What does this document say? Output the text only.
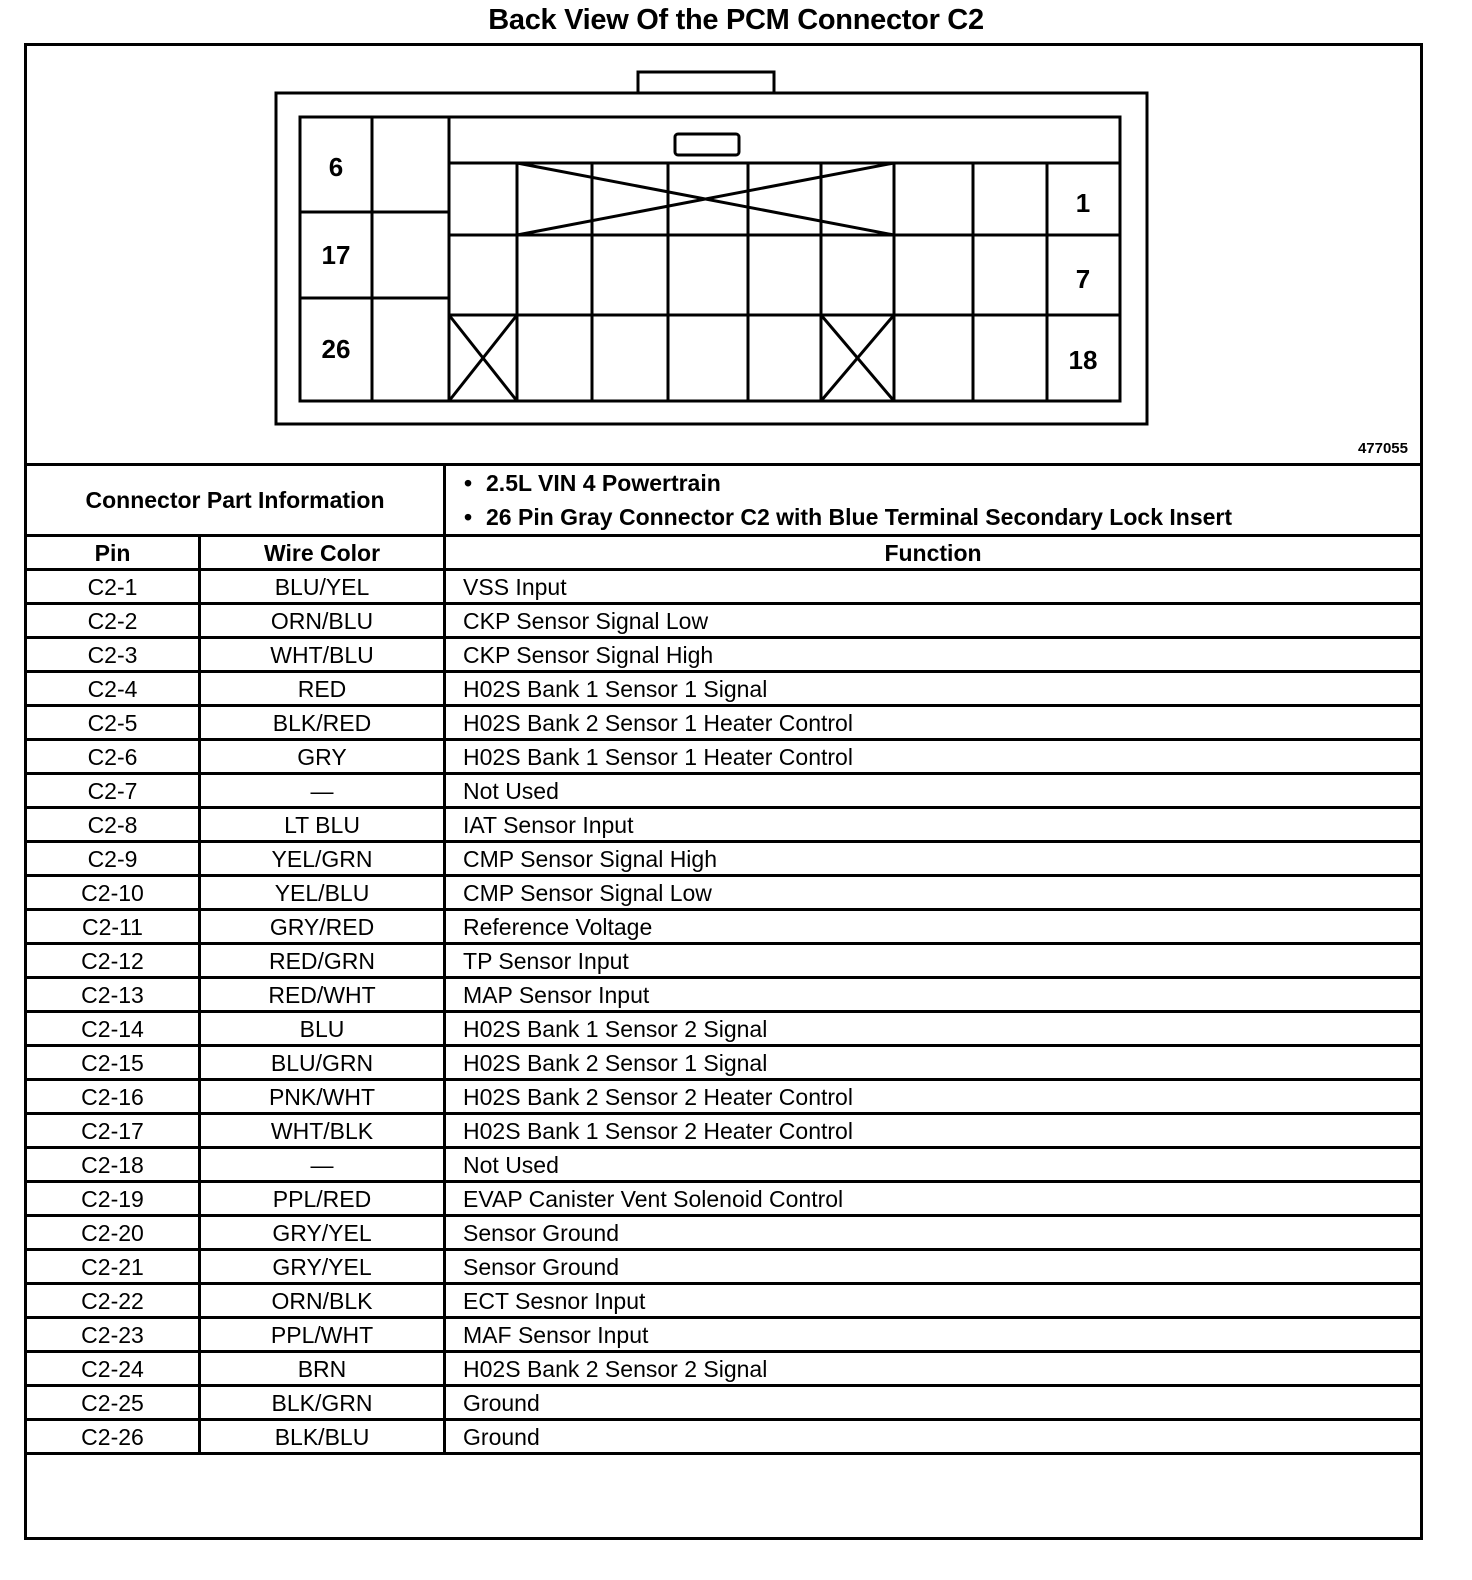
Back View Of the PCM Connector C2
6
17
26
1
7
18
477055
Connector Part Information		• 2.5L VIN 4 Powertrain
• 26 Pin Gray Connector C2 with Blue Terminal Secondary Lock Insert

Pin	Wire Color	Function
C2-1	BLU/YEL	VSS Input
C2-2	ORN/BLU	CKP Sensor Signal Low
C2-3	WHT/BLU	CKP Sensor Signal High
C2-4	RED	H02S Bank 1 Sensor 1 Signal
C2-5	BLK/RED	H02S Bank 2 Sensor 1 Heater Control
C2-6	GRY	H02S Bank 1 Sensor 1 Heater Control
C2-7	—	Not Used
C2-8	LT BLU	IAT Sensor Input
C2-9	YEL/GRN	CMP Sensor Signal High
C2-10	YEL/BLU	CMP Sensor Signal Low
C2-11	GRY/RED	Reference Voltage
C2-12	RED/GRN	TP Sensor Input
C2-13	RED/WHT	MAP Sensor Input
C2-14	BLU	H02S Bank 1 Sensor 2 Signal
C2-15	BLU/GRN	H02S Bank 2 Sensor 1 Signal
C2-16	PNK/WHT	H02S Bank 2 Sensor 2 Heater Control
C2-17	WHT/BLK	H02S Bank 1 Sensor 2 Heater Control
C2-18	—	Not Used
C2-19	PPL/RED	EVAP Canister Vent Solenoid Control
C2-20	GRY/YEL	Sensor Ground
C2-21	GRY/YEL	Sensor Ground
C2-22	ORN/BLK	ECT Sesnor Input
C2-23	PPL/WHT	MAF Sensor Input
C2-24	BRN	H02S Bank 2 Sensor 2 Signal
C2-25	BLK/GRN	Ground
C2-26	BLK/BLU	Ground
